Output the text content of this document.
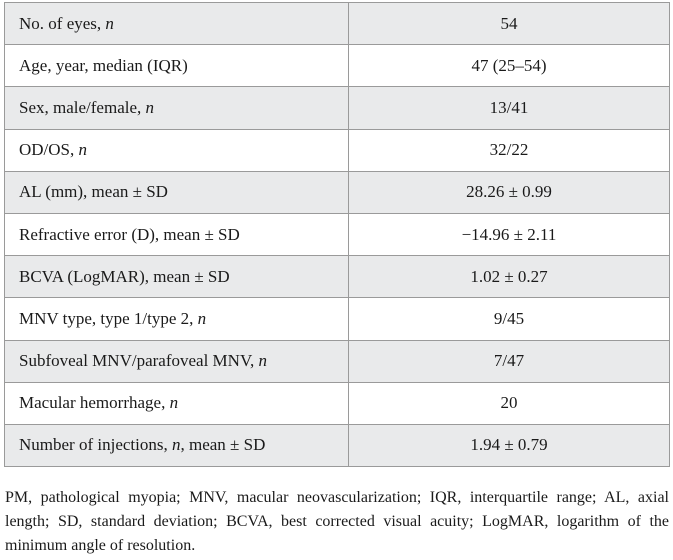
No. of eyes, n	54
Age, year, median (IQR)	47 (25–54)
Sex, male/female, n	13/41
OD/OS, n	32/22
AL (mm), mean ± SD	28.26 ± 0.99
Refractive error (D), mean ± SD	−14.96 ± 2.11
BCVA (LogMAR), mean ± SD	1.02 ± 0.27
MNV type, type 1/type 2, n	9/45
Subfoveal MNV/parafoveal MNV, n	7/47
Macular hemorrhage, n	20
Number of injections, n, mean ± SD	1.94 ± 0.79
PM, pathological myopia; MNV, macular neovascularization; IQR, interquartile range; AL, axial length; SD, standard deviation; BCVA, best corrected visual acuity; LogMAR, logarithm of the minimum angle of resolution.
